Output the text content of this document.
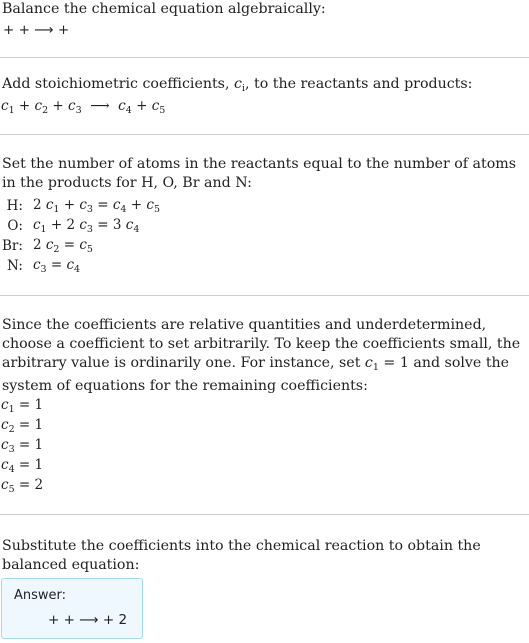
Balance the chemical equation algebraically:

+ + ⟶ +

Add stoichiometric coefficients, $c_i$, to the reactants and products:

$c_1 + c_2 + c_3$  ⟶  $c_4 + c_5$

Set the number of atoms in the reactants equal to the number of atoms in the products for H, O, Br and N:

H:	2 $c_1 + c_3 = c_4 + c_5$
O:	$c_1 + 2$ $c_3 = 3$ $c_4$
Br:	2 $c_2 = c_5$
N:	$c_3 = c_4$

Since the coefficients are relative quantities and underdetermined, choose a coefficient to set arbitrarily. To keep the coefficients small, the arbitrary value is ordinarily one. For instance, set $c_1 = 1$ and solve the system of equations for the remaining coefficients:

$c_1 = 1$
$c_2 = 1$
$c_3 = 1$
$c_4 = 1$
$c_5 = 2$

Substitute the coefficients into the chemical reaction to obtain the balanced equation:

Answer:
+ + ⟶ + 2
